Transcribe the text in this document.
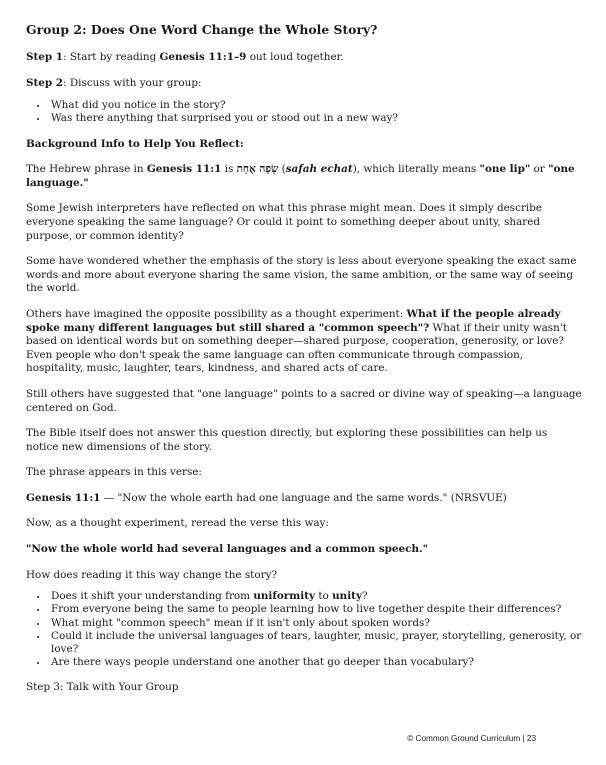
Group 2: Does One Word Change the Whole Story?

Step 1: Start by reading Genesis 11:1–9 out loud together.

Step 2: Discuss with your group:

• What did you notice in the story?
• Was there anything that surprised you or stood out in a new way?

Background Info to Help You Reflect:

The Hebrew phrase in Genesis 11:1 is שָׂפָה אֶחָת (safah echat), which literally means "one lip" or "one language."

Some Jewish interpreters have reflected on what this phrase might mean. Does it simply describe everyone speaking the same language? Or could it point to something deeper about unity, shared purpose, or common identity?

Some have wondered whether the emphasis of the story is less about everyone speaking the exact same words and more about everyone sharing the same vision, the same ambition, or the same way of seeing the world.

Others have imagined the opposite possibility as a thought experiment: What if the people already spoke many different languages but still shared a "common speech"? What if their unity wasn't based on identical words but on something deeper—shared purpose, cooperation, generosity, or love? Even people who don't speak the same language can often communicate through compassion, hospitality, music, laughter, tears, kindness, and shared acts of care.

Still others have suggested that "one language" points to a sacred or divine way of speaking—a language centered on God.

The Bible itself does not answer this question directly, but exploring these possibilities can help us notice new dimensions of the story.

The phrase appears in this verse:

Genesis 11:1 — "Now the whole earth had one language and the same words." (NRSVUE)

Now, as a thought experiment, reread the verse this way:

"Now the whole world had several languages and a common speech."

How does reading it this way change the story?

• Does it shift your understanding from uniformity to unity?
• From everyone being the same to people learning how to live together despite their differences?
• What might "common speech" mean if it isn't only about spoken words?
• Could it include the universal languages of tears, laughter, music, prayer, storytelling, generosity, or love?
• Are there ways people understand one another that go deeper than vocabulary?

Step 3: Talk with Your Group

© Common Ground Curriculum | 23
